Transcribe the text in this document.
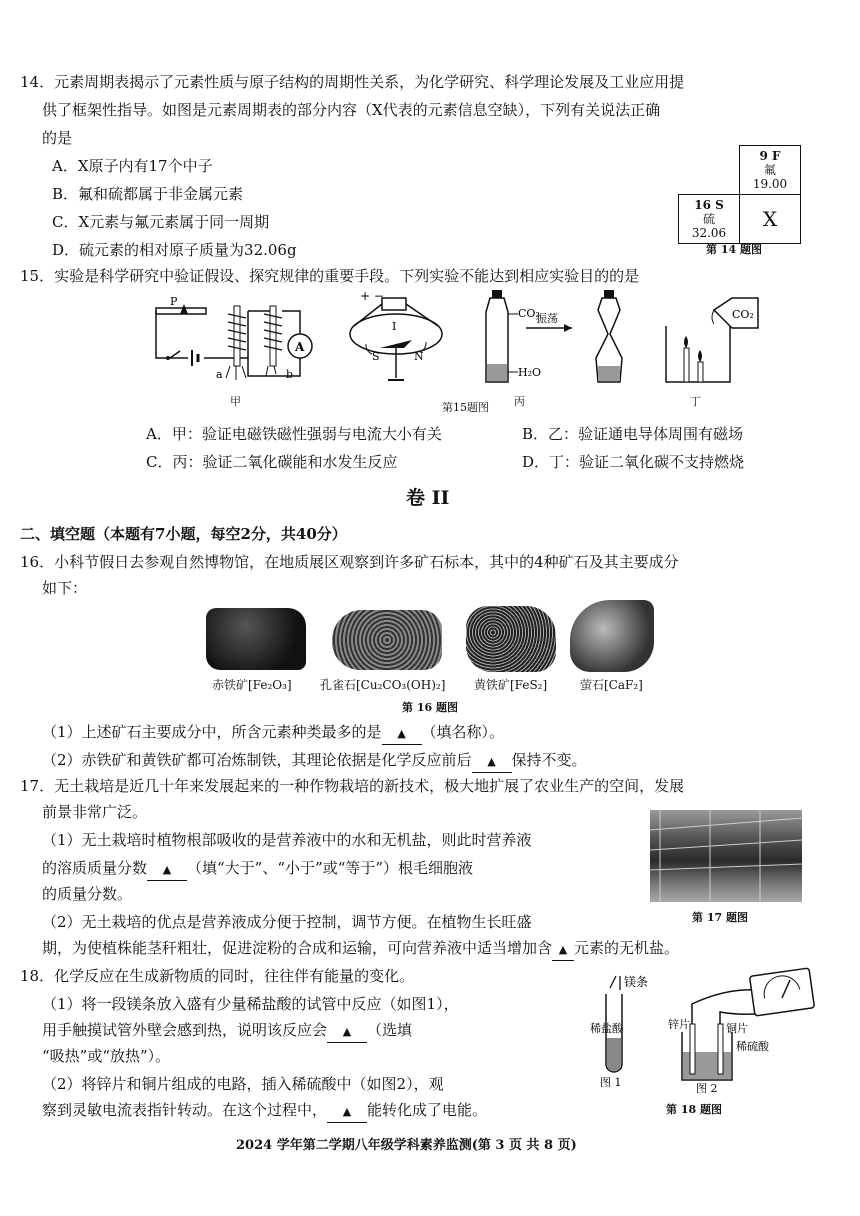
14．元素周期表揭示了元素性质与原子结构的周期性关系，为化学研究、科学理论发展及工业应用提
供了框架性指导。如图是元素周期表的部分内容（X代表的元素信息空缺），下列有关说法正确
的是
A．X原子内有17个中子
B．氟和硫都属于非金属元素
C．X元素与氟元素属于同一周期
D．硫元素的相对原子质量为32.06g

	9 F
氟
19.00

16 S
硫
32.06	X
第 14 题图
15．实验是科学研究中验证假设、探究规律的重要手段。下列实验不能达到相应实验目的的是
P
a	b
A
甲
+ −
I
S	N
第15题图
CO₂
H₂O
振荡
丙
CO₂
丁
A．甲：验证电磁铁磁性强弱与电流大小有关	B．乙：验证通电导体周围有磁场
C．丙：验证二氧化碳能和水发生反应	D．丁：验证二氧化碳不支持燃烧
卷 II
二、填空题（本题有7小题，每空2分，共40分）
16．小科节假日去参观自然博物馆，在地质展区观察到许多矿石标本，其中的4种矿石及其主要成分
如下：
赤铁矿[Fe₂O₃] 孔雀石[Cu₂CO₃(OH)₂] 黄铁矿[FeS₂]	萤石[CaF₂]
第 16 题图
（1）上述矿石主要成分中，所含元素种类最多的是 ▲ （填名称）。
（2）赤铁矿和黄铁矿都可冶炼制铁，其理论依据是化学反应前后 ▲ 保持不变。
17．无土栽培是近几十年来发展起来的一种作物栽培的新技术，极大地扩展了农业生产的空间，发展
前景非常广泛。
（1）无土栽培时植物根部吸收的是营养液中的水和无机盐，则此时营养液
的溶质质量分数 ▲ （填“大于”、“小于”或“等于”）根毛细胞液
的质量分数。
（2）无土栽培的优点是营养液成分便于控制，调节方便。在植物生长旺盛
期，为使植株能茎秆粗壮，促进淀粉的合成和运输，可向营养液中适当增加含 ▲ 元素的无机盐。
第 17 题图
18．化学反应在生成新物质的同时，往往伴有能量的变化。
（1）将一段镁条放入盛有少量稀盐酸的试管中反应（如图1），
用手触摸试管外壁会感到热，说明该反应会 ▲ （选填
“吸热”或“放热”）。
（2）将锌片和铜片组成的电路，插入稀硫酸中（如图2），观
察到灵敏电流表指针转动。在这个过程中， ▲ 能转化成了电能。
镁条
稀盐酸
图 1
锌片	铜片
稀硫酸
图 2
第 18 题图
2024 学年第二学期八年级学科素养监测(第 3 页 共 8 页)
